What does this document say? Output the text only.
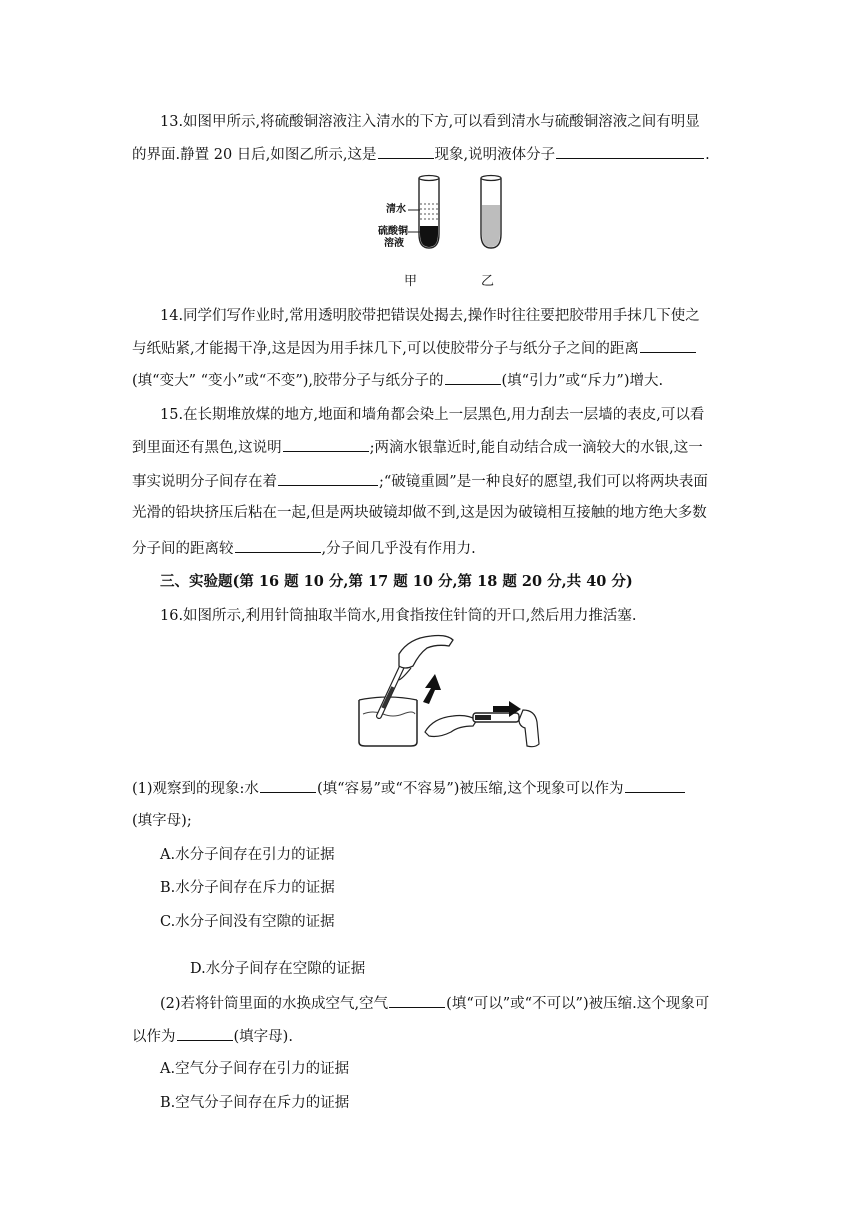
13.如图甲所示,将硫酸铜溶液注入清水的下方,可以看到清水与硫酸铜溶液之间有明显
的界面.静置 20 日后,如图乙所示,这是	现象,说明液体分子	.
清水
硫酸铜
溶液
甲	乙
14.同学们写作业时,常用透明胶带把错误处揭去,操作时往往要把胶带用手抹几下使之
与纸贴紧,才能揭干净,这是因为用手抹几下,可以使胶带分子与纸分子之间的距离
(填“变大” “变小”或“不变”),胶带分子与纸分子的	(填“引力”或“斥力”)增大.
15.在长期堆放煤的地方,地面和墙角都会染上一层黑色,用力刮去一层墙的表皮,可以看
到里面还有黑色,这说明	;两滴水银靠近时,能自动结合成一滴较大的水银,这一
事实说明分子间存在着	;“破镜重圆”是一种良好的愿望,我们可以将两块表面
光滑的铅块挤压后粘在一起,但是两块破镜却做不到,这是因为破镜相互接触的地方绝大多数
分子间的距离较	,分子间几乎没有作用力.
三、实验题(第 16 题 10 分,第 17 题 10 分,第 18 题 20 分,共 40 分)
16.如图所示,利用针筒抽取半筒水,用食指按住针筒的开口,然后用力推活塞.
(1)观察到的现象:水	(填“容易”或“不容易”)被压缩,这个现象可以作为
(填字母);
A.水分子间存在引力的证据
B.水分子间存在斥力的证据
C.水分子间没有空隙的证据
D.水分子间存在空隙的证据
(2)若将针筒里面的水换成空气,空气	(填“可以”或“不可以”)被压缩.这个现象可
以作为	(填字母).
A.空气分子间存在引力的证据
B.空气分子间存在斥力的证据
